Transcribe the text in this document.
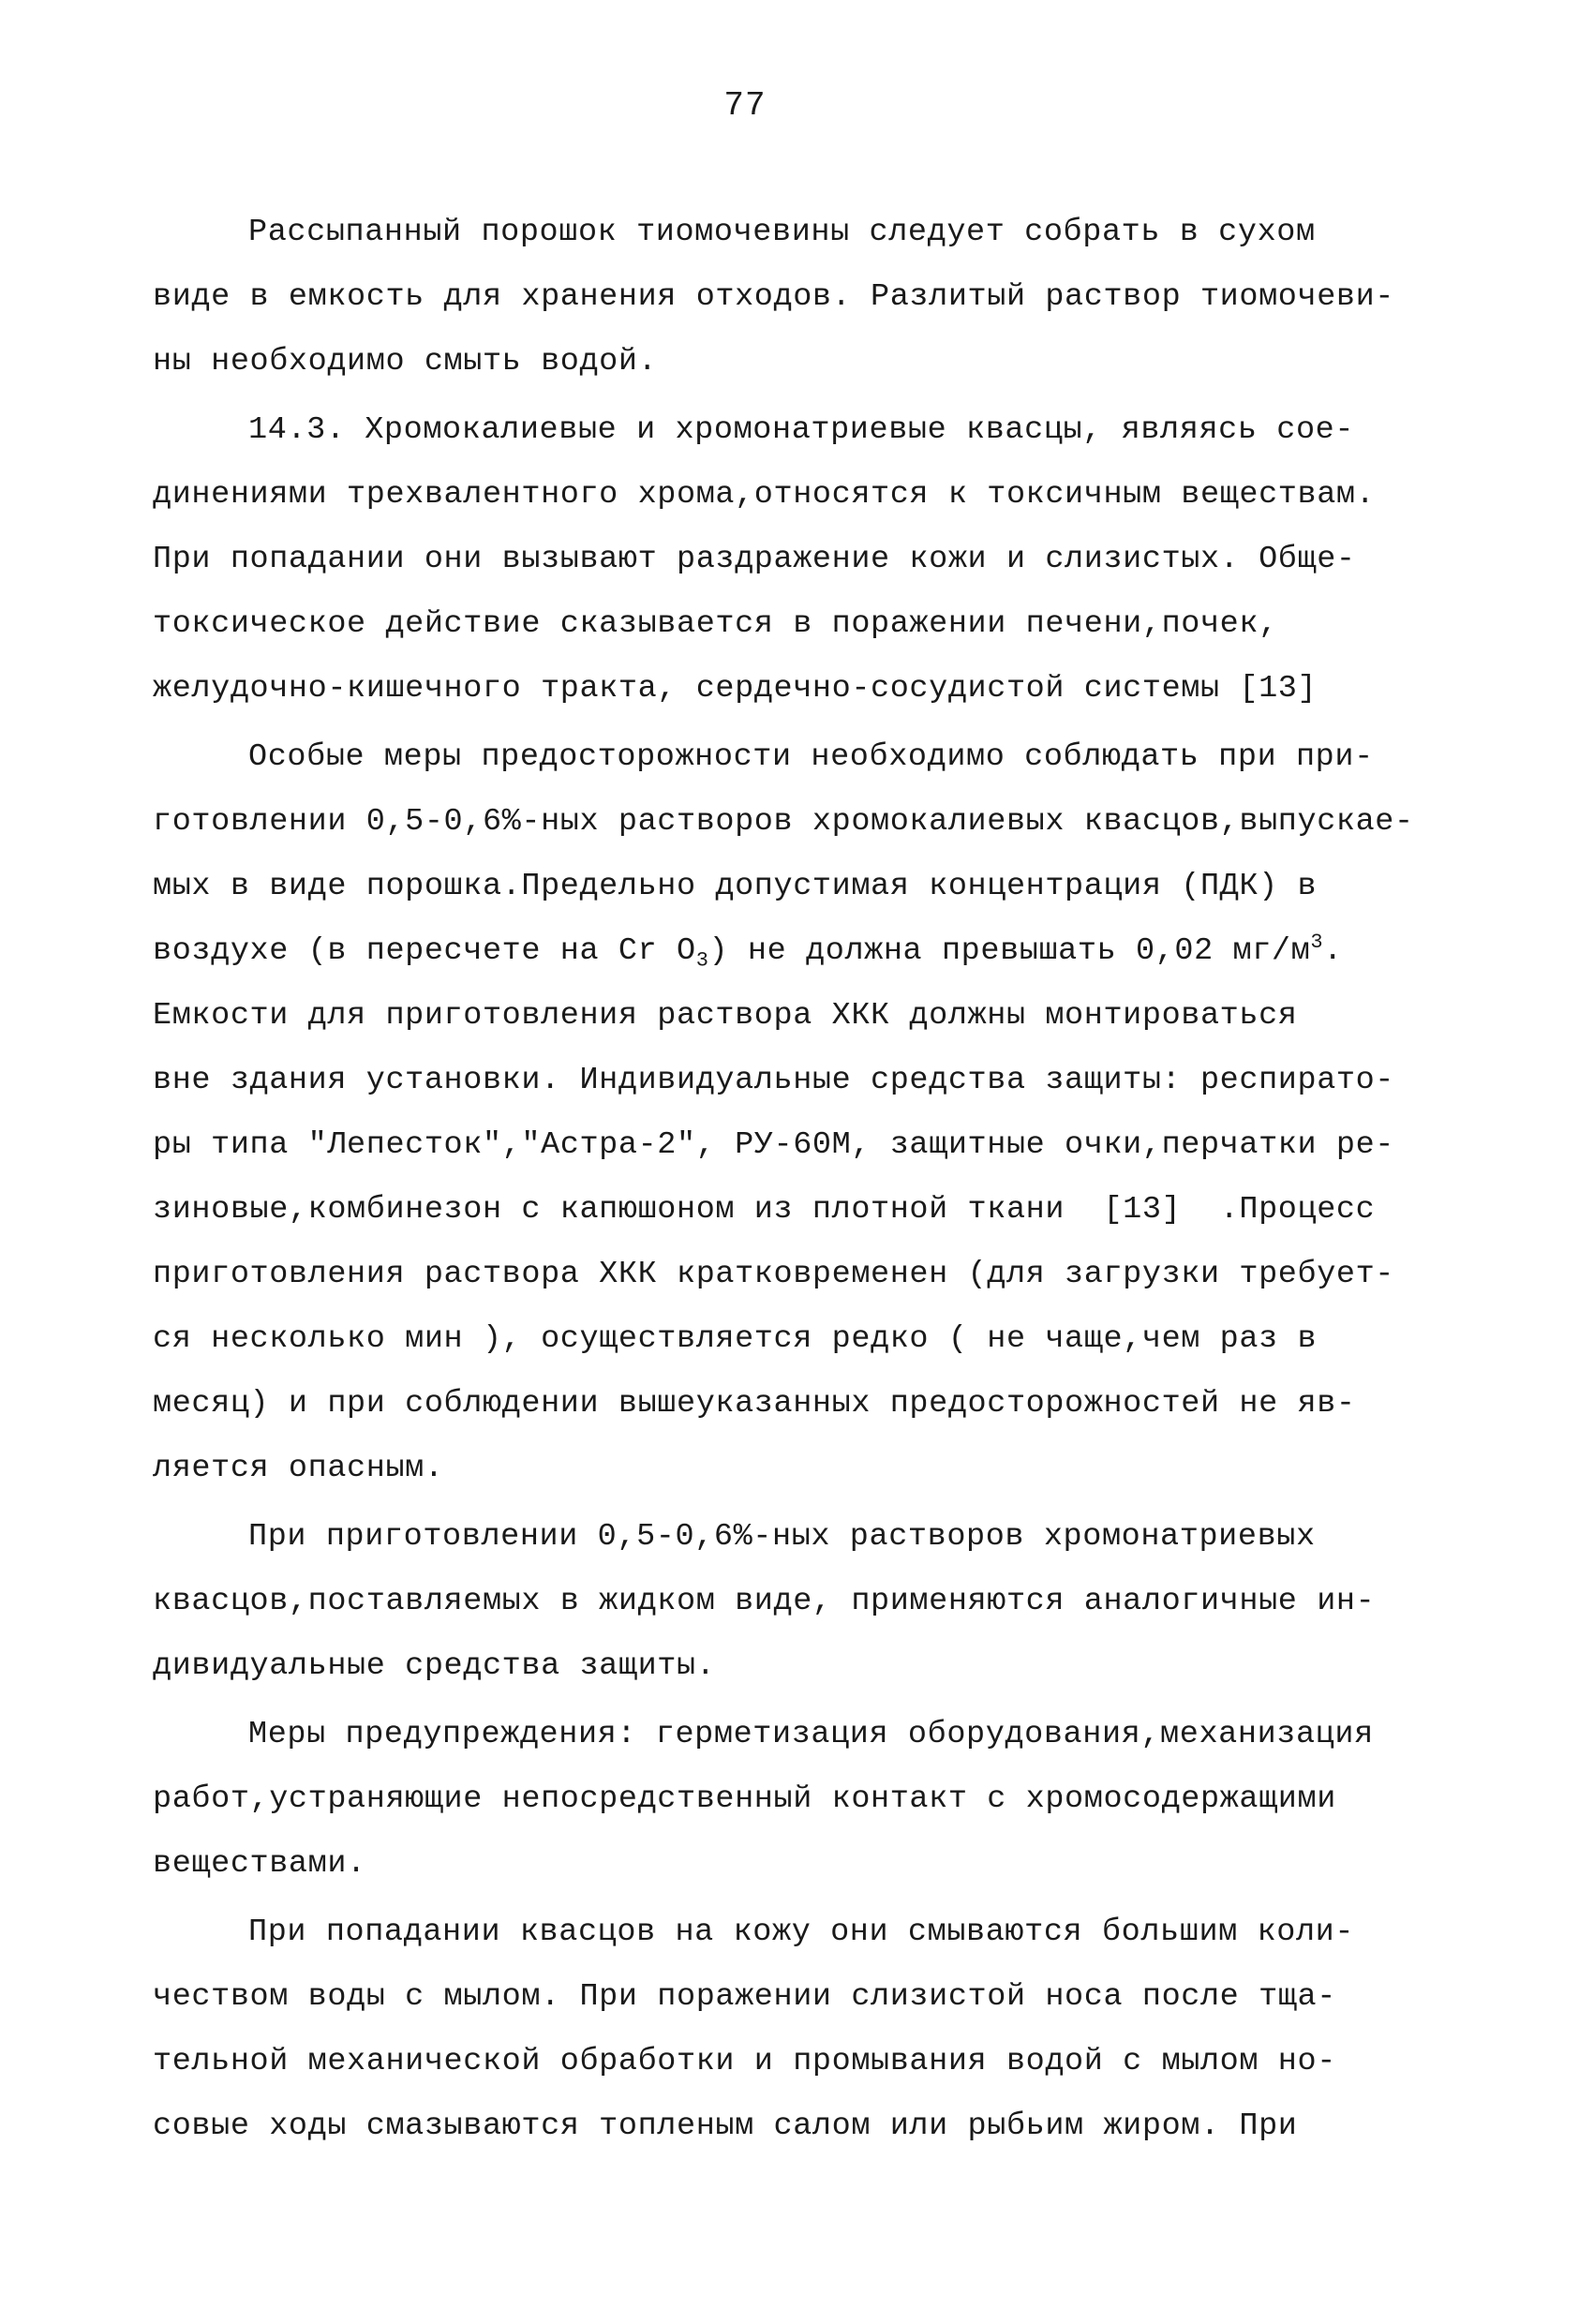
77
Рассыпанный порошок тиомочевины следует собрать в сухом
виде в емкость для хранения отходов. Разлитый раствор тиомочеви-
ны необходимо смыть водой.
14.3. Хромокалиевые и хромонатриевые квасцы, являясь сое-
динениями трехвалентного хрома,относятся к токсичным веществам.
При попадании они вызывают раздражение кожи и слизистых. Обще-
токсическое действие сказывается в поражении печени,почек,
желудочно-кишечного тракта, сердечно-сосудистой системы [13]
Особые меры предосторожности необходимо соблюдать при при-
готовлении 0,5-0,6%-ных растворов хромокалиевых квасцов,выпускае-
мых в виде порошка.Предельно допустимая концентрация (ПДК) в
воздухе (в пересчете на Cr $O_3$) не должна превышать 0,02 $мг/м^3$.
Емкости для приготовления раствора ХКК должны монтироваться
вне здания установки. Индивидуальные средства защиты: респирато-
ры типа "Лепесток","Астра-2", РУ-60М, защитные очки,перчатки ре-
зиновые,комбинезон с капюшоном из плотной ткани  [13]  .Процесс
приготовления раствора ХКК кратковременен (для загрузки требует-
ся несколько мин ), осуществляется редко ( не чаще,чем раз в
месяц) и при соблюдении вышеуказанных предосторожностей не яв-
ляется опасным.
При приготовлении 0,5-0,6%-ных растворов хромонатриевых
квасцов,поставляемых в жидком виде, применяются аналогичные ин-
дивидуальные средства защиты.
Меры предупреждения: герметизация оборудования,механизация
работ,устраняющие непосредственный контакт с хромосодержащими
веществами.
При попадании квасцов на кожу они смываются большим коли-
чеством воды с мылом. При поражении слизистой носа после тща-
тельной механической обработки и промывания водой с мылом но-
совые ходы смазываются топленым салом или рыбьим жиром. При
